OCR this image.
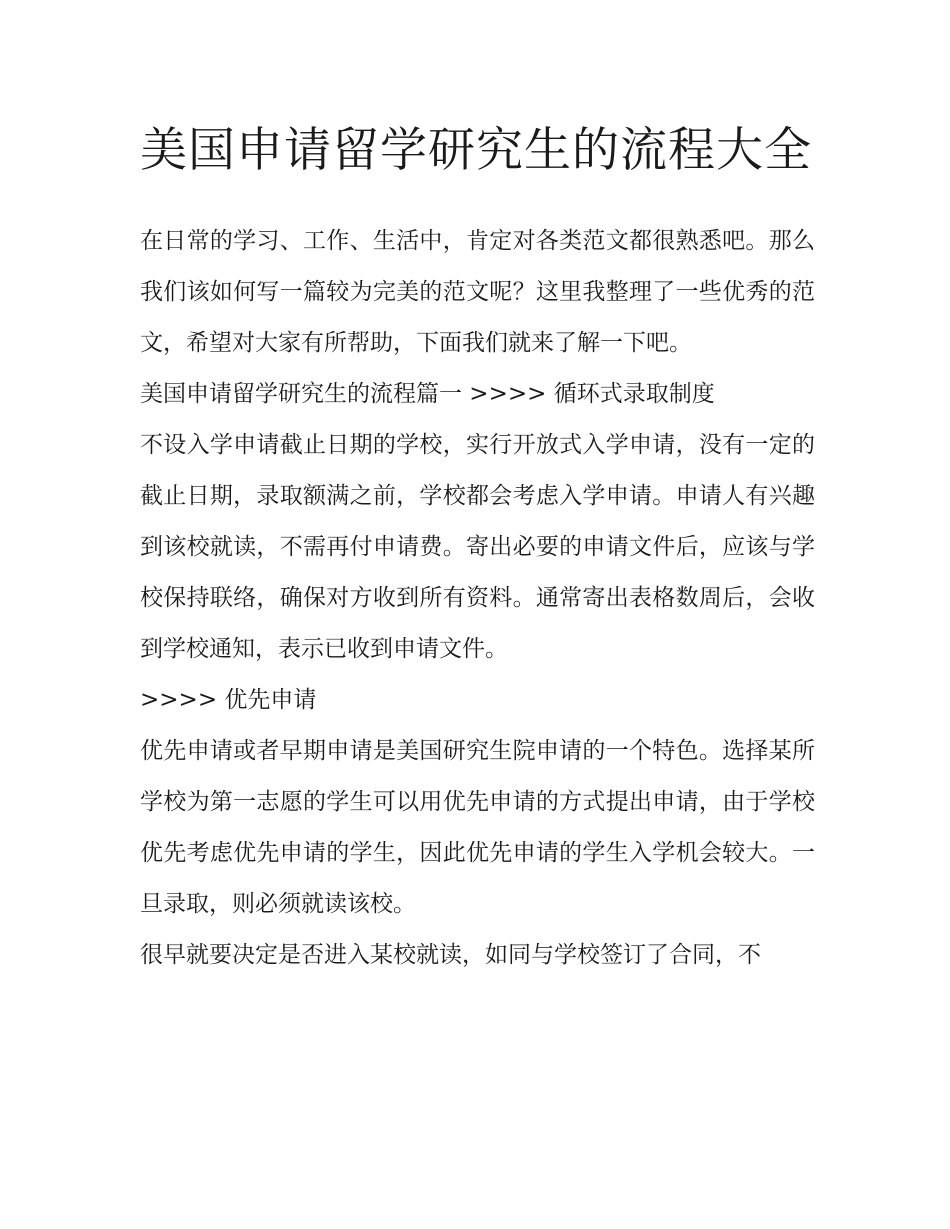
美国申请留学研究生的流程大全

在日常的学习、工作、生活中，肯定对各类范文都很熟悉吧。那么我们该如何写一篇较为完美的范文呢？这里我整理了一些优秀的范文，希望对大家有所帮助，下面我们就来了解一下吧。

美国申请留学研究生的流程篇一 >>>> 循环式录取制度

不设入学申请截止日期的学校，实行开放式入学申请，没有一定的截止日期，录取额满之前，学校都会考虑入学申请。申请人有兴趣到该校就读，不需再付申请费。寄出必要的申请文件后，应该与学校保持联络，确保对方收到所有资料。通常寄出表格数周后，会收到学校通知，表示已收到申请文件。

>>>> 优先申请

优先申请或者早期申请是美国研究生院申请的一个特色。选择某所学校为第一志愿的学生可以用优先申请的方式提出申请，由于学校优先考虑优先申请的学生，因此优先申请的学生入学机会较大。一旦录取，则必须就读该校。

很早就要决定是否进入某校就读，如同与学校签订了合同，不
